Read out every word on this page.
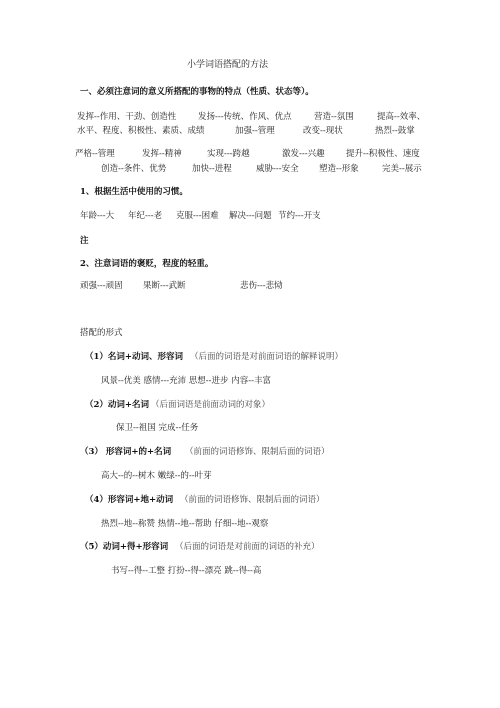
小学词语搭配的方法
一、必须注意词的意义所搭配的事物的特点（性质、状态等）。
发挥--作用、干劲、创造性	发扬---传统、作风、优点	营造--氛围	提高--效率、
水平、程度、积极性、素质、成绩	加强--管理	改变--现状	热烈--鼓掌
严格--管理	发挥--精神	实现---跨越	激发---兴趣	提升--积极性、速度
创造--条件、优势	加快--进程	威胁---安全 塑造--形象	完美--展示
1、根据生活中使用的习惯。
年龄---大 年纪---老 克服---困难 解决---问题 节约---开支
注
2、注意词语的褒贬，程度的轻重。
顽强---顽固 果断---武断	悲伤---悲恸
搭配的形式
（1）名词+动词、形容词 （后面的词语是对前面词语的解释说明）
风景--优美 感情---充沛 思想--进步 内容--丰富
（2）动词+名词 （后面词语是前面动词的对象）
保卫--祖国 完成--任务
（3） 形容词+的+名词 （前面的词语修饰、限制后面的词语）
高大--的--树木 嫩绿--的--叶芽
（4）形容词+地+动词 （前面的词语修饰、限制后面的词语）
热烈--地--称赞 热情--地--帮助 仔细--地--观察
（5）动词+得+形容词 （后面的词语是对前面的词语的补充）
书写--得--工整 打扮--得--漂亮 跳--得--高
